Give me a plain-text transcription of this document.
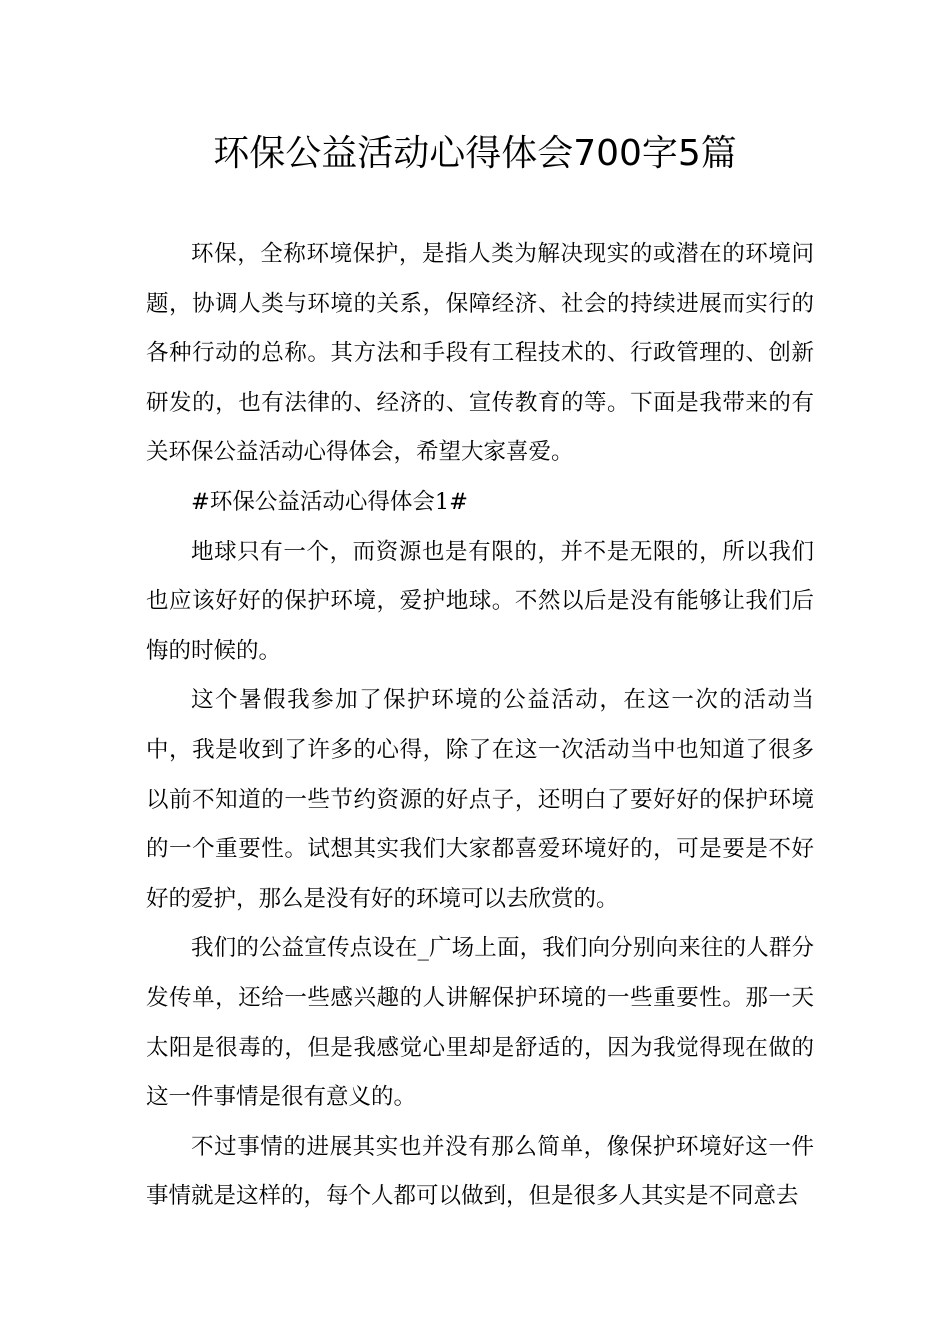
环保公益活动心得体会700字5篇

环保，全称环境保护，是指人类为解决现实的或潜在的环境问题，协调人类与环境的关系，保障经济、社会的持续进展而实行的各种行动的总称。其方法和手段有工程技术的、行政管理的、创新研发的，也有法律的、经济的、宣传教育的等。下面是我带来的有关环保公益活动心得体会，希望大家喜爱。

#环保公益活动心得体会1#

地球只有一个，而资源也是有限的，并不是无限的，所以我们也应该好好的保护环境，爱护地球。不然以后是没有能够让我们后悔的时候的。

这个暑假我参加了保护环境的公益活动，在这一次的活动当中，我是收到了许多的心得，除了在这一次活动当中也知道了很多以前不知道的一些节约资源的好点子，还明白了要好好的保护环境的一个重要性。试想其实我们大家都喜爱环境好的，可是要是不好好的爱护，那么是没有好的环境可以去欣赏的。

我们的公益宣传点设在_广场上面，我们向分别向来往的人群分发传单，还给一些感兴趣的人讲解保护环境的一些重要性。那一天太阳是很毒的，但是我感觉心里却是舒适的，因为我觉得现在做的这一件事情是很有意义的。

不过事情的进展其实也并没有那么简单，像保护环境好这一件事情就是这样的，每个人都可以做到，但是很多人其实是不同意去
